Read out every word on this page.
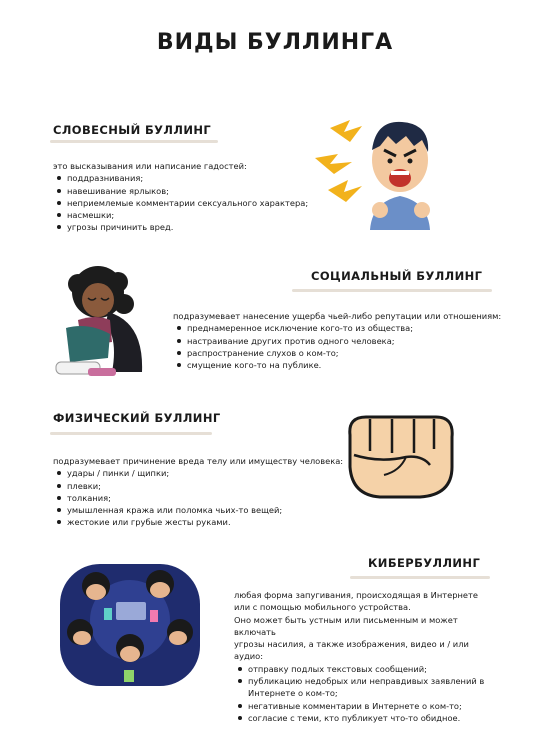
ВИДЫ БУЛЛИНГА
СЛОВЕСНЫЙ БУЛЛИНГ

это высказывания или написание гадостей:

поддразнивания;
навешивание ярлыков;
неприемлемые комментарии сексуального характера;
насмешки;
угрозы причинить вред.
СОЦИАЛЬНЫЙ БУЛЛИНГ

подразумевает нанесение ущерба чьей-либо репутации или отношениям:

преднамеренное исключение кого-то из общества;
настраивание других против одного человека;
распространение слухов о ком-то;
смущение кого-то на публике.
ФИЗИЧЕСКИЙ БУЛЛИНГ

подразумевает причинение вреда телу или имуществу человека:

удары / пинки / щипки;
плевки;
толкания;
умышленная кража или поломка чьих-то вещей;
жестокие или грубые жесты руками.
КИБЕРБУЛЛИНГ

любая форма запугивания, происходящая в Интернете

или с помощью мобильного устройства.

Оно может быть устным или письменным и может включать

угрозы насилия, а также изображения, видео и / или аудио:

отправку подлых текстовых сообщений;
публикацию недобрых или неправдивых заявлений в Интернете о ком-то;
негативные комментарии в Интернете о ком-то;
согласие с теми, кто публикует что-то обидное.
